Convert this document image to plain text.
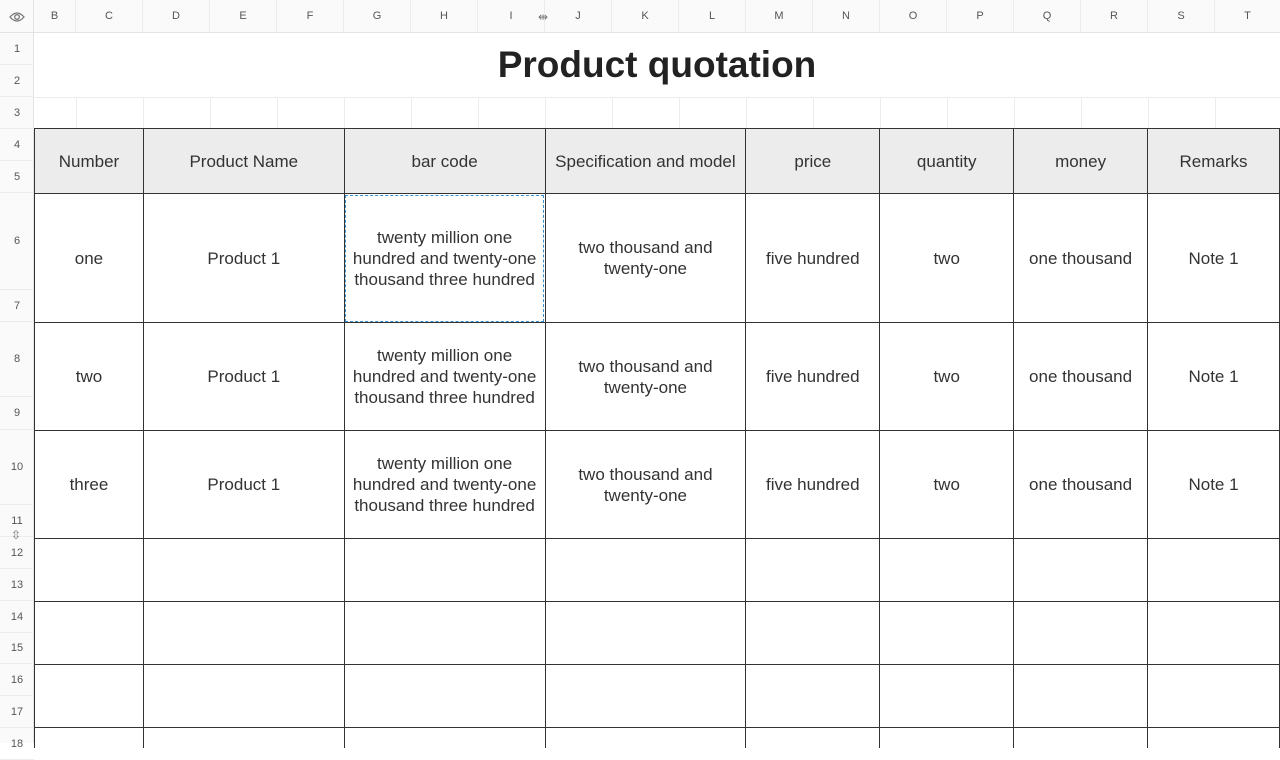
B	C	D	E	F	G	H	I	J	K	L	M	N	O	P	Q	R	S	T
⇹
1
2
3
4
5
6
7
8
9
10
11
12
13
14
15
16
17
18
⇳
Product quotation
Number	Product Name	bar code	Specification and model	price	quantity	money	Remarks
one	Product 1	twenty million one hundred and twenty-one thousand three hundred	two thousand and twenty-one	five hundred	two	one thousand	Note 1
two	Product 1	twenty million one hundred and twenty-one thousand three hundred	two thousand and twenty-one	five hundred	two	one thousand	Note 1
three	Product 1	twenty million one hundred and twenty-one thousand three hundred	two thousand and twenty-one	five hundred	two	one thousand	Note 1
